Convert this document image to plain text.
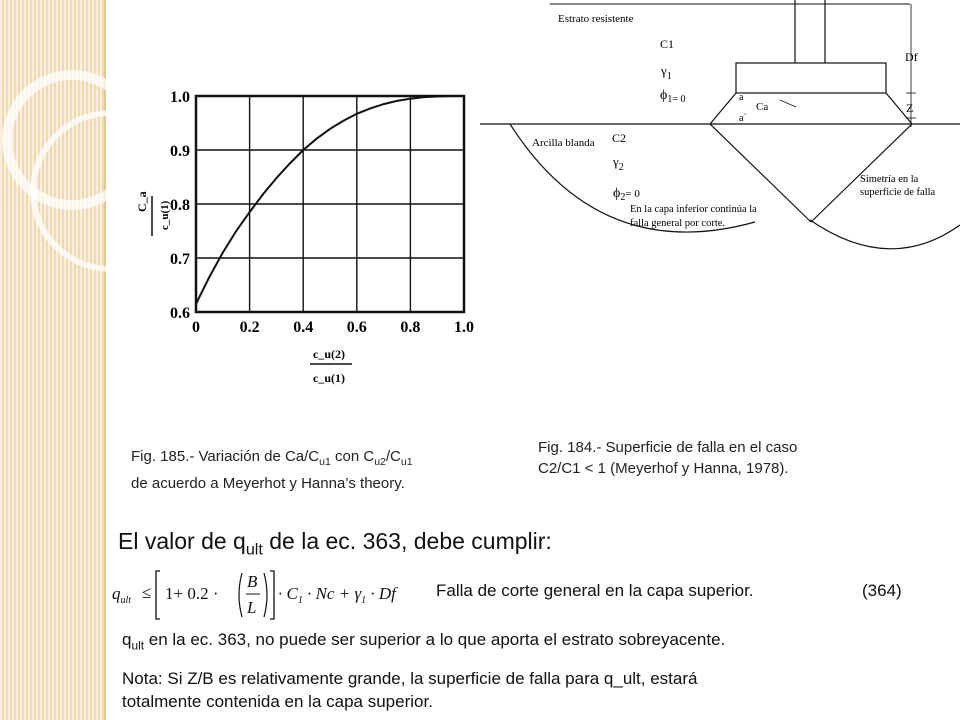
1.0
0.9
0.8
0.7
0.6
0 0.2 0.4 0.6 0.8 1.0
C_a c_u(1)
c_u(2)
c_u(1)
Estrato resistente
C1
$\gamma_1$
$\phi_{1= 0}$
Df
Z
a
Ca
a´
Arcilla blanda C2
$\gamma_2$
$\phi_2^{= 0}$
En la capa inferior continúa la
falla general por corte.
Simetría en la
superficie de falla
Fig. 185.- Variación de $Ca/C_{u1}$ con $C_{u2}/C_{u1}$
de acuerdo a Meyerhot y Hanna’s theory.
Fig. 184.- Superficie de falla en el caso
C2/C1 < 1 (Meyerhof y Hanna, 1978).
El valor de $q_{ult}$ de la ec. 363, debe cumplir:
$q_{ult} \le 1+ 0.2$ ·
B
L
· $C_1 \cdot Nc + \gamma_1 \cdot Df$ Falla de corte general en la capa superior.	(364)
$q_{ult}$ en la ec. 363, no puede ser superior a lo que aporta el estrato sobreyacente.
Nota: Si Z/B es relativamente grande, la superficie de falla para q_ult, estará
totalmente contenida en la capa superior.
